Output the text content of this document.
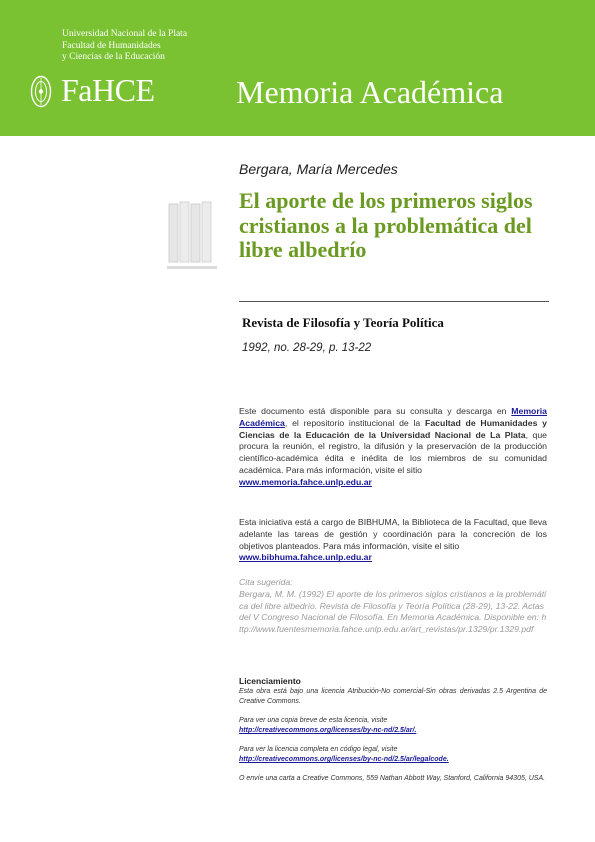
Universidad Nacional de la Plata
Facultad de Humanidades
y Ciencias de la Educación
FaHCE	Memoria Académica
Bergara, María Mercedes
El aporte de los primeros siglos cristianos a la problemática del libre albedrío
Revista de Filosofía y Teoría Política
1992, no. 28-29, p. 13-22
Este documento está disponible para su consulta y descarga en Memoria Académica, el repositorio institucional de la Facultad de Humanidades y Ciencias de la Educación de la Universidad Nacional de La Plata, que procura la reunión, el registro, la difusión y la preservación de la producción científico-académica édita e inédita de los miembros de su comunidad académica. Para más información, visite el sitio
www.memoria.fahce.unlp.edu.ar
Esta iniciativa está a cargo de BIBHUMA, la Biblioteca de la Facultad, que lleva adelante las tareas de gestión y coordinación para la concreción de los objetivos planteados. Para más información, visite el sitio
www.bibhuma.fahce.unlp.edu.ar
Cita sugerida:
Bergara, M. M. (1992) El aporte de los primeros siglos cristianos a la problemática del libre albedrío. Revista de Filosofía y Teoría Política (28-29), 13-22. Actas del V Congreso Nacional de Filosofía. En Memoria Académica. Disponible en: http://www.fuentesmemoria.fahce.unlp.edu.ar/art_revistas/pr.1329/pr.1329.pdf
Licenciamiento
Esta obra está bajo una licencia Atribución-No comercial-Sin obras derivadas 2.5 Argentina de Creative Commons.
Para ver una copia breve de esta licencia, visite
http://creativecommons.org/licenses/by-nc-nd/2.5/ar/.
Para ver la licencia completa en código legal, visite
http://creativecommons.org/licenses/by-nc-nd/2.5/ar/legalcode.
O envíe una carta a Creative Commons, 559 Nathan Abbott Way, Stanford, California 94305, USA.
